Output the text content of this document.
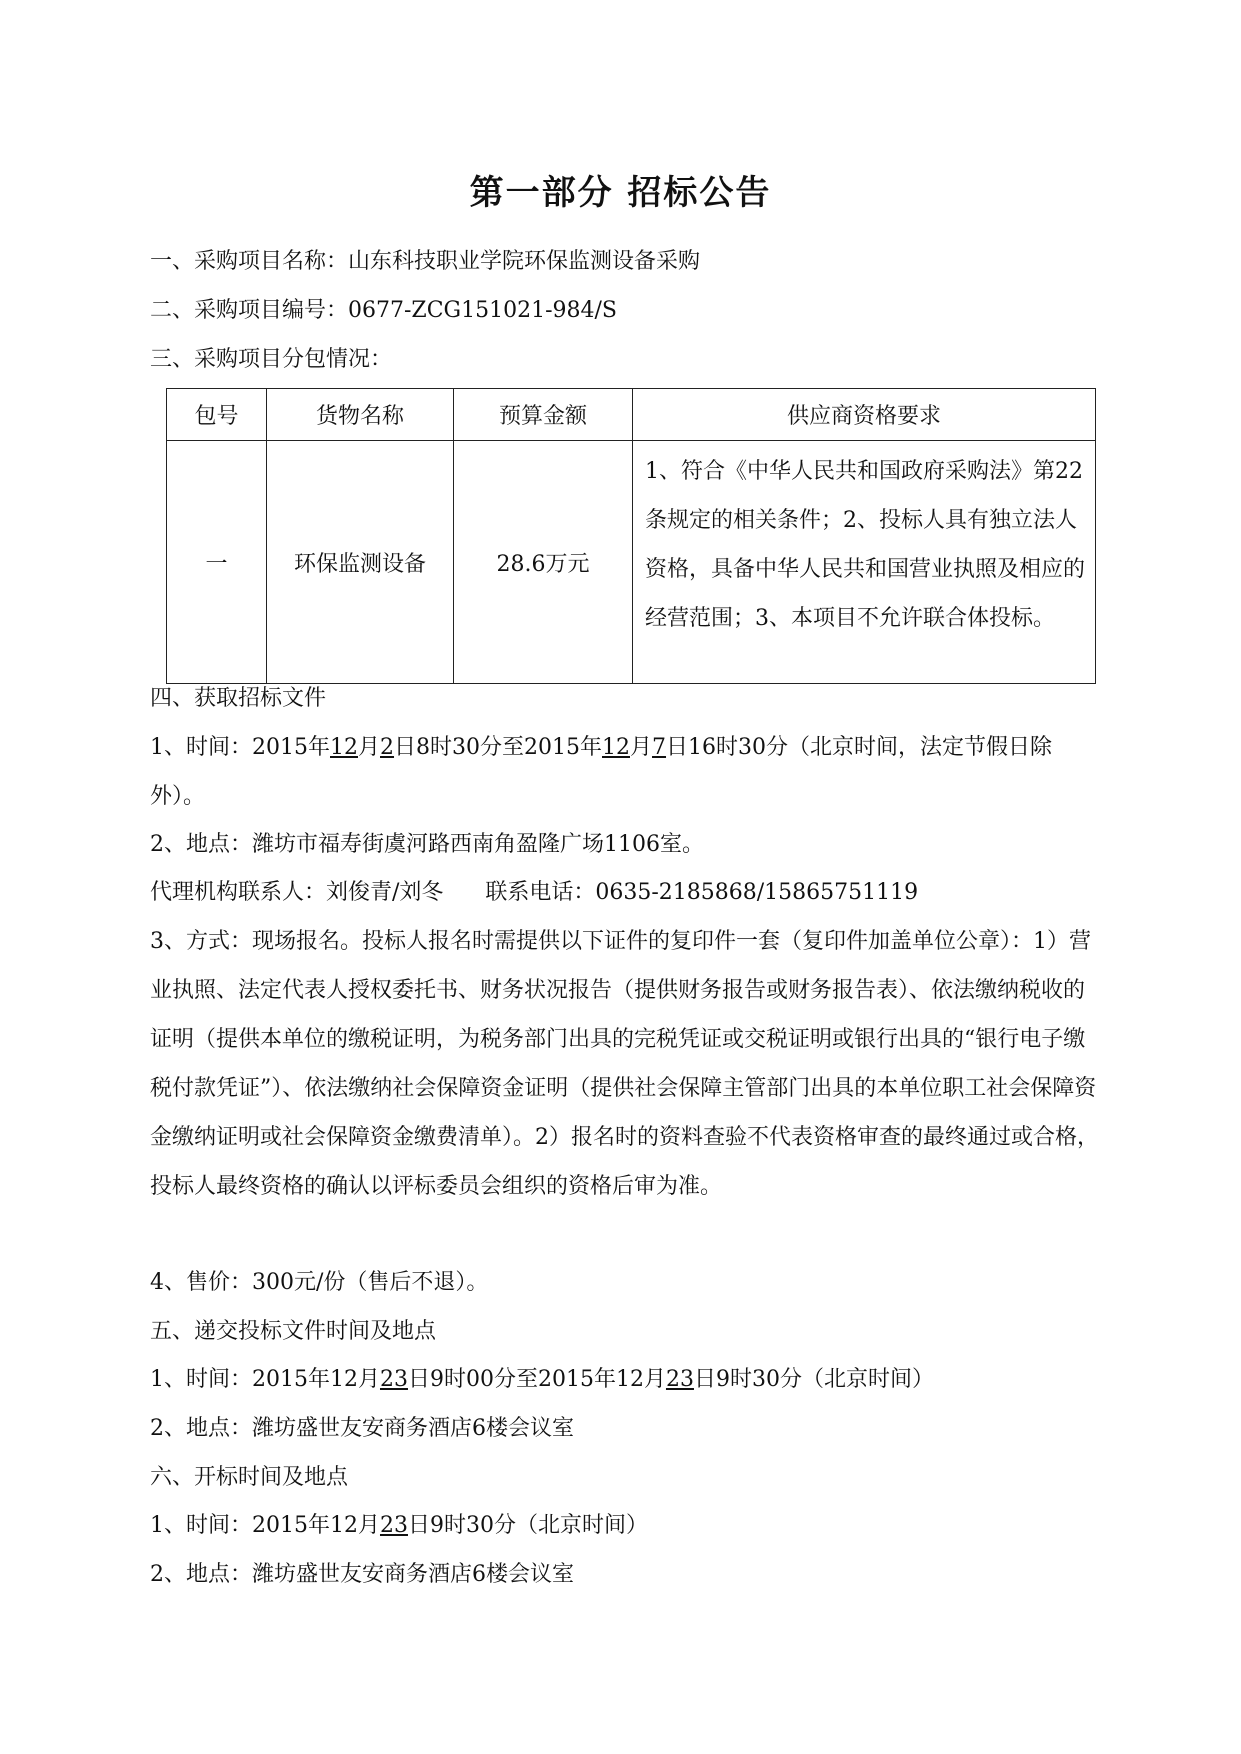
第一部分 招标公告
一、采购项目名称：山东科技职业学院环保监测设备采购
二、采购项目编号：0677-ZCG151021-984/S
三、采购项目分包情况：
包号	货物名称	预算金额	供应商资格要求
一	环保监测设备	28.6万元	1、符合《中华人民共和国政府采购法》第22条规定的相关条件；2、投标人具有独立法人资格，具备中华人民共和国营业执照及相应的经营范围；3、本项目不允许联合体投标。
四、获取招标文件
1、时间：2015年12月2日8时30分至2015年12月7日16时30分（北京时间，法定节假日除外）。
2、地点：潍坊市福寿街虞河路西南角盈隆广场1106室。
代理机构联系人：刘俊青/刘冬      联系电话：0635-2185868/15865751119
3、方式：现场报名。投标人报名时需提供以下证件的复印件一套（复印件加盖单位公章）：1）营业执照、法定代表人授权委托书、财务状况报告（提供财务报告或财务报告表）、依法缴纳税收的证明（提供本单位的缴税证明，为税务部门出具的完税凭证或交税证明或银行出具的“银行电子缴税付款凭证”）、依法缴纳社会保障资金证明（提供社会保障主管部门出具的本单位职工社会保障资金缴纳证明或社会保障资金缴费清单）。2）报名时的资料查验不代表资格审查的最终通过或合格，投标人最终资格的确认以评标委员会组织的资格后审为准。
4、售价：300元/份（售后不退）。
五、递交投标文件时间及地点
1、时间：2015年12月23日9时00分至2015年12月23日9时30分（北京时间）
2、地点：潍坊盛世友安商务酒店6楼会议室
六、开标时间及地点
1、时间：2015年12月23日9时30分（北京时间）
2、地点：潍坊盛世友安商务酒店6楼会议室
